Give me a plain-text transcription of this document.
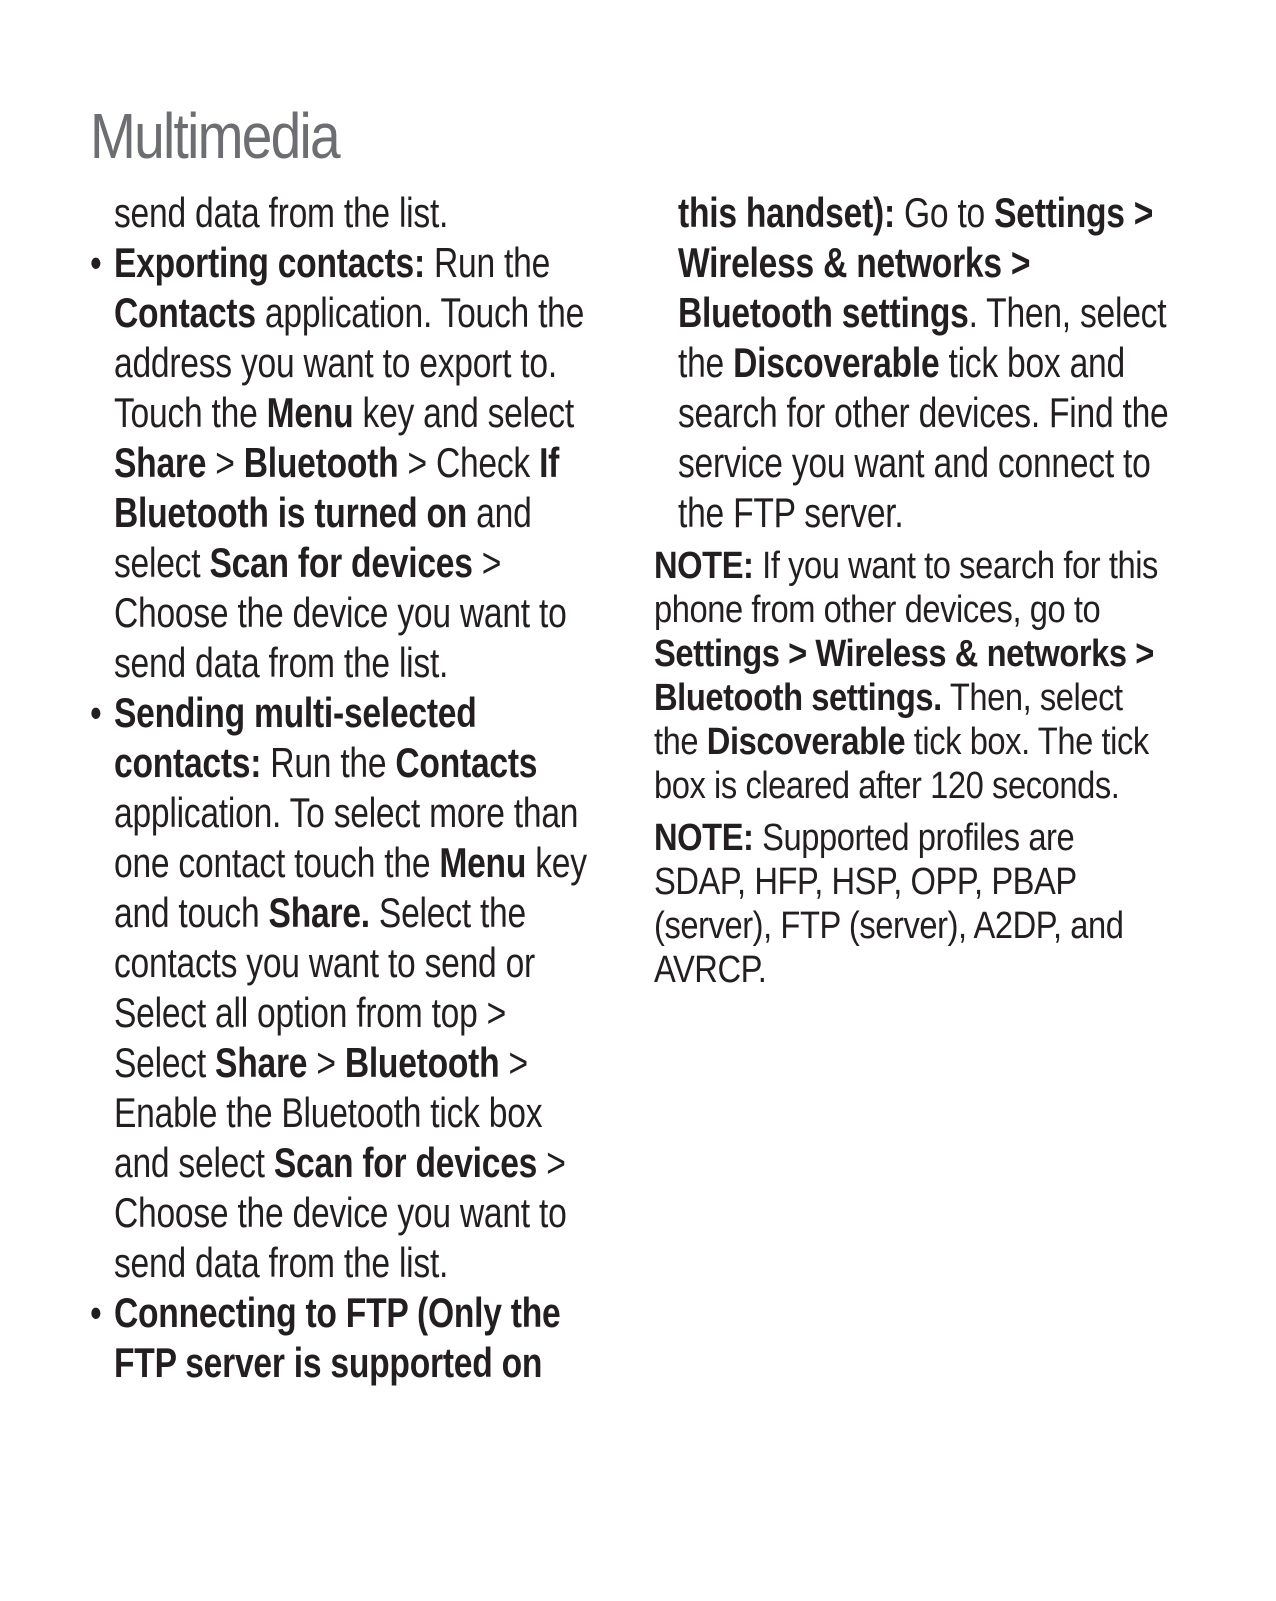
Multimedia
send data from the list.
• Exporting contacts: Run the Contacts application. Touch the address you want to export to. Touch the Menu key and select Share > Bluetooth > Check If Bluetooth is turned on and select Scan for devices > Choose the device you want to send data from the list.
• Sending multi-selected contacts: Run the Contacts application. To select more than one contact touch the Menu key and touch Share. Select the contacts you want to send or Select all option from top > Select Share > Bluetooth > Enable the Bluetooth tick box and select Scan for devices > Choose the device you want to send data from the list.
• Connecting to FTP (Only the FTP server is supported on
this handset): Go to Settings > Wireless & networks > Bluetooth settings. Then, select the Discoverable tick box and search for other devices. Find the service you want and connect to the FTP server.
NOTE: If you want to search for this phone from other devices, go to Settings > Wireless & networks > Bluetooth settings. Then, select the Discoverable tick box. The tick box is cleared after 120 seconds.
NOTE: Supported profiles are SDAP, HFP, HSP, OPP, PBAP (server), FTP (server), A2DP, and AVRCP.
